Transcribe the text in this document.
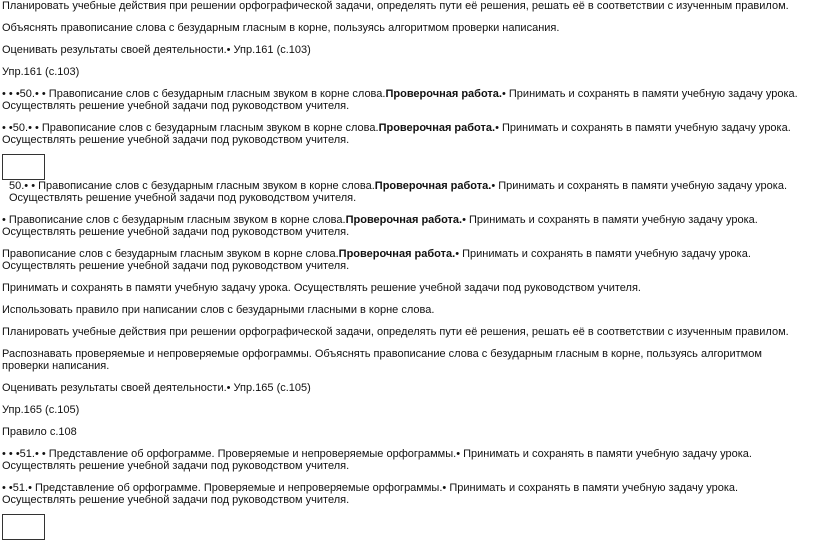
Планировать учебные действия при решении орфографической задачи, определять пути её решения, решать её в соответствии с изученным правилом.

Объяснять правописание слова с безударным гласным в корне, пользуясь алгоритмом проверки написания.

Оценивать результаты своей деятельности.• Упр.161 (с.103)

Упр.161 (с.103)

• • •50.• • Правописание слов с безударным гласным звуком в корне слова.Проверочная работа.• Принимать и сохранять в памяти учебную задачу урока. Осуществлять решение учебной задачи под руководством учителя.

• •50.• • Правописание слов с безударным гласным звуком в корне слова.Проверочная работа.• Принимать и сохранять в памяти учебную задачу урока. Осуществлять решение учебной задачи под руководством учителя.

50.• • Правописание слов с безударным гласным звуком в корне слова.Проверочная работа.• Принимать и сохранять в памяти учебную задачу урока. Осуществлять решение учебной задачи под руководством учителя.

• Правописание слов с безударным гласным звуком в корне слова.Проверочная работа.• Принимать и сохранять в памяти учебную задачу урока. Осуществлять решение учебной задачи под руководством учителя.

Правописание слов с безударным гласным звуком в корне слова.Проверочная работа.• Принимать и сохранять в памяти учебную задачу урока. Осуществлять решение учебной задачи под руководством учителя.

Принимать и сохранять в памяти учебную задачу урока. Осуществлять решение учебной задачи под руководством учителя.

Использовать правило при написании слов с безударными гласными в корне слова.

Планировать учебные действия при решении орфографической задачи, определять пути её решения, решать её в соответствии с изученным правилом.

Распознавать проверяемые и непроверяемые орфограммы. Объяснять правописание слова с безударным гласным в корне, пользуясь алгоритмом проверки написания.

Оценивать результаты своей деятельности.• Упр.165 (с.105)

Упр.165 (с.105)

Правило с.108

• • •51.• • Представление об орфограмме. Проверяемые и непроверяемые орфограммы.• Принимать и сохранять в памяти учебную задачу урока. Осуществлять решение учебной задачи под руководством учителя.

• •51.• Представление об орфограмме. Проверяемые и непроверяемые орфограммы.• Принимать и сохранять в памяти учебную задачу урока. Осуществлять решение учебной задачи под руководством учителя.
